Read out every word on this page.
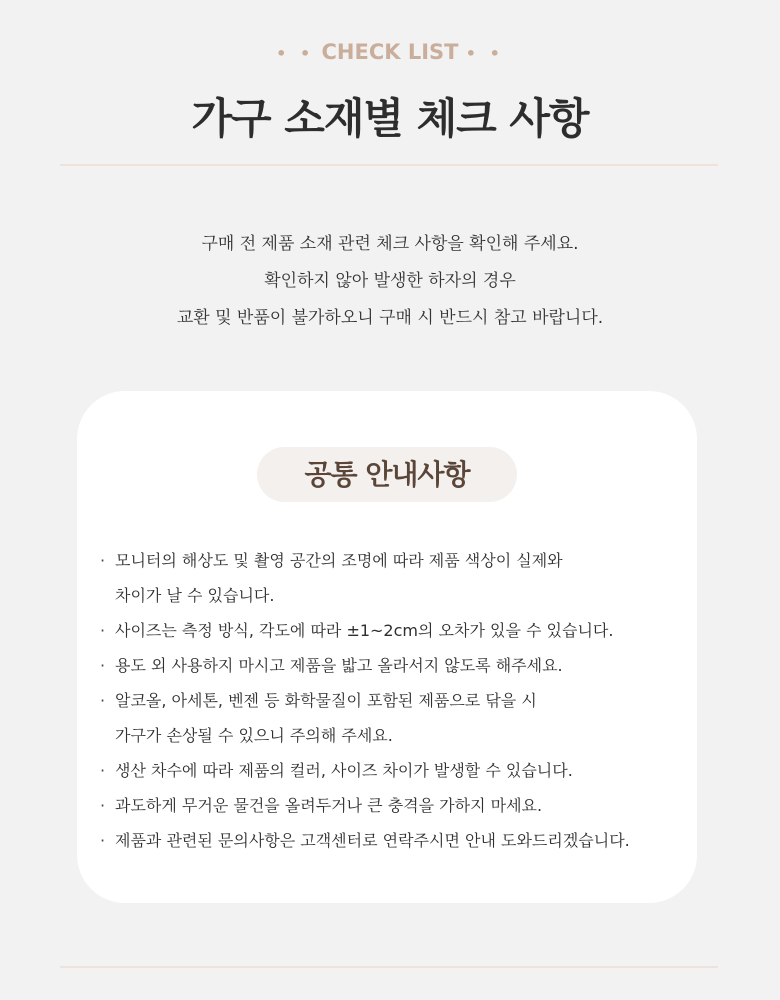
• • CHECK LIST • •
가구 소재별 체크 사항
구매 전 제품 소재 관련 체크 사항을 확인해 주세요.
확인하지 않아 발생한 하자의 경우
교환 및 반품이 불가하오니 구매 시 반드시 참고 바랍니다.
공통 안내사항
· 모니터의 해상도 및 촬영 공간의 조명에 따라 제품 색상이 실제와
차이가 날 수 있습니다.
· 사이즈는 측정 방식, 각도에 따라 ±1~2cm의 오차가 있을 수 있습니다.
· 용도 외 사용하지 마시고 제품을 밟고 올라서지 않도록 해주세요.
· 알코올, 아세톤, 벤젠 등 화학물질이 포함된 제품으로 닦을 시
가구가 손상될 수 있으니 주의해 주세요.
· 생산 차수에 따라 제품의 컬러, 사이즈 차이가 발생할 수 있습니다.
· 과도하게 무거운 물건을 올려두거나 큰 충격을 가하지 마세요.
· 제품과 관련된 문의사항은 고객센터로 연락주시면 안내 도와드리겠습니다.
